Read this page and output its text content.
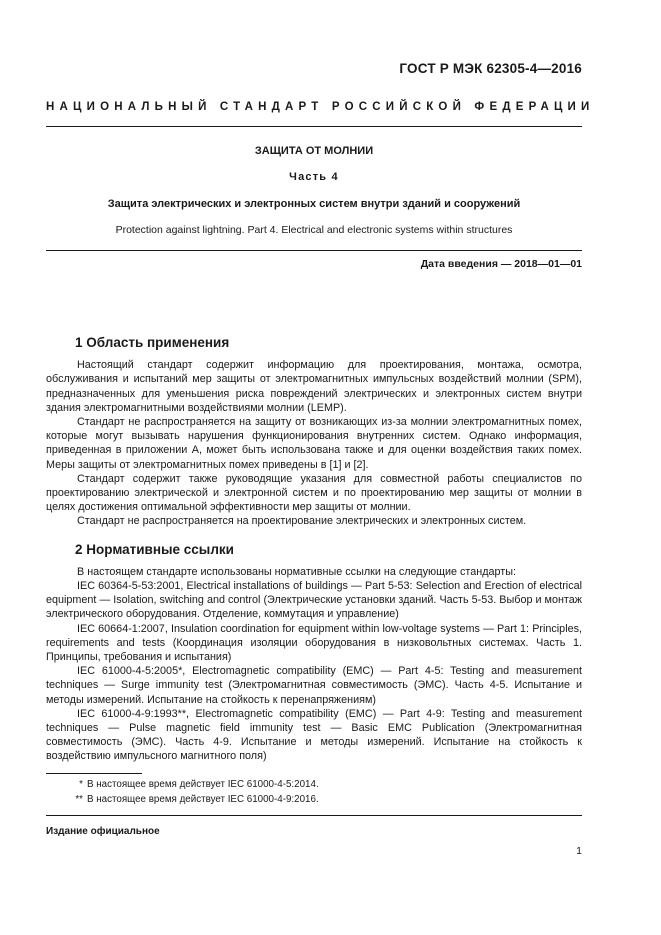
ГОСТ Р МЭК 62305-4—2016
НАЦИОНАЛЬНЫЙ СТАНДАРТ РОССИЙСКОЙ ФЕДЕРАЦИИ
ЗАЩИТА ОТ МОЛНИИ
Часть 4
Защита электрических и электронных систем внутри зданий и сооружений
Protection against lightning. Part 4. Electrical and electronic systems within structures
Дата введения — 2018—01—01
1 Область применения

Настоящий стандарт содержит информацию для проектирования, монтажа, осмотра, обслуживания и испытаний мер защиты от электромагнитных импульсных воздействий молнии (SPM), предназначенных для уменьшения риска повреждений электрических и электронных систем внутри здания электромагнитными воздействиями молнии (LEMP).

Стандарт не распространяется на защиту от возникающих из-за молнии электромагнитных помех, которые могут вызывать нарушения функционирования внутренних систем. Однако информация, приведенная в приложении А, может быть использована также и для оценки воздействия таких помех. Меры защиты от электромагнитных помех приведены в [1] и [2].

Стандарт содержит также руководящие указания для совместной работы специалистов по проектированию электрической и электронной систем и по проектированию мер защиты от молнии в целях достижения оптимальной эффективности мер защиты от молнии.

Стандарт не распространяется на проектирование электрических и электронных систем.

2 Нормативные ссылки

В настоящем стандарте использованы нормативные ссылки на следующие стандарты:

IEC 60364-5-53:2001, Electrical installations of buildings — Part 5-53: Selection and Erection of electrical equipment — Isolation, switching and control (Электрические установки зданий. Часть 5-53. Выбор и монтаж электрического оборудования. Отделение, коммутация и управление)

IEC 60664-1:2007, Insulation coordination for equipment within low-voltage systems — Part 1: Principles, requirements and tests (Координация изоляции оборудования в низковольтных системах. Часть 1. Принципы, требования и испытания)

IEC 61000-4-5:2005*, Electromagnetic compatibility (EMC) — Part 4-5: Testing and measurement techniques — Surge immunity test (Электромагнитная совместимость (ЭМС). Часть 4-5. Испытание и методы измерений. Испытание на стойкость к перенапряжениям)

IEC 61000-4-9:1993**, Electromagnetic compatibility (EMC) — Part 4-9: Testing and measurement techniques — Pulse magnetic field immunity test — Basic EMC Publication (Электромагнитная совместимость (ЭМС). Часть 4-9. Испытание и методы измерений. Испытание на стойкость к воздействию импульсного магнитного поля)

* В настоящее время действует IEC 61000-4-5:2014.
** В настоящее время действует IEC 61000-4-9:2016.
Издание официальное
1
